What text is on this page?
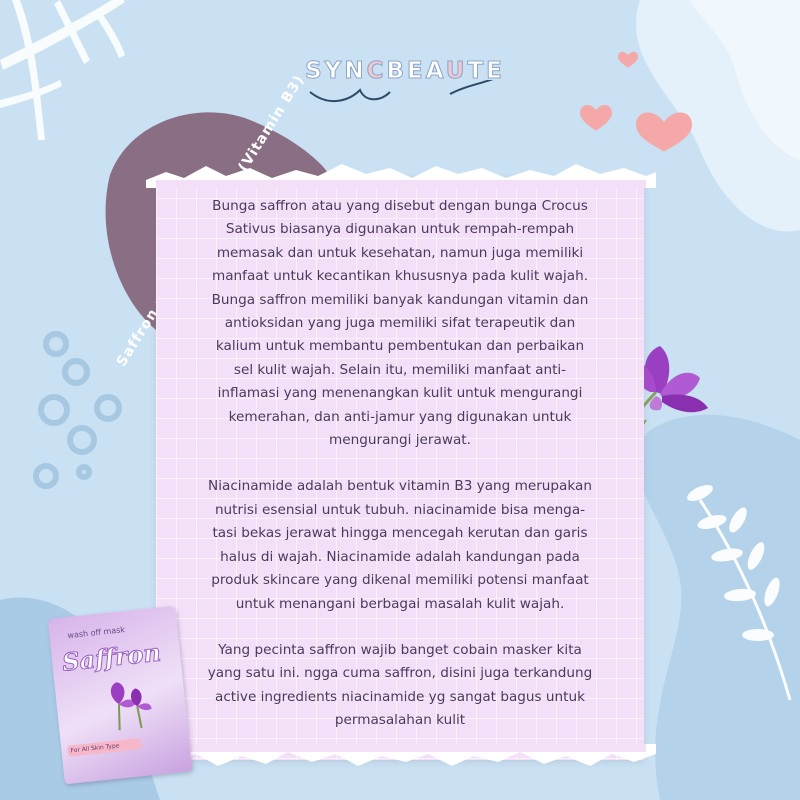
SYNCBEAUTE
Saffron (Vitamin B3)

Bunga saffron atau yang disebut dengan bunga Crocus
Sativus biasanya digunakan untuk rempah-rempah
memasak dan untuk kesehatan, namun juga memiliki
manfaat untuk kecantikan khususnya pada kulit wajah.
Bunga saffron memiliki banyak kandungan vitamin dan
antioksidan yang juga memiliki sifat terapeutik dan
kalium untuk membantu pembentukan dan perbaikan
sel kulit wajah. Selain itu, memiliki manfaat anti-
inflamasi yang menenangkan kulit untuk mengurangi
kemerahan, dan anti-jamur yang digunakan untuk
mengurangi jerawat.

Niacinamide adalah bentuk vitamin B3 yang merupakan
nutrisi esensial untuk tubuh. niacinamide bisa menga-
tasi bekas jerawat hingga mencegah kerutan dan garis
halus di wajah. Niacinamide adalah kandungan pada
produk skincare yang dikenal memiliki potensi manfaat
untuk menangani berbagai masalah kulit wajah.

Yang pecinta saffron wajib banget cobain masker kita
yang satu ini. ngga cuma saffron, disini juga terkandung
active ingredients niacinamide yg sangat bagus untuk
permasalahan kulit

wash off mask
Saffron
For All Skin Type
